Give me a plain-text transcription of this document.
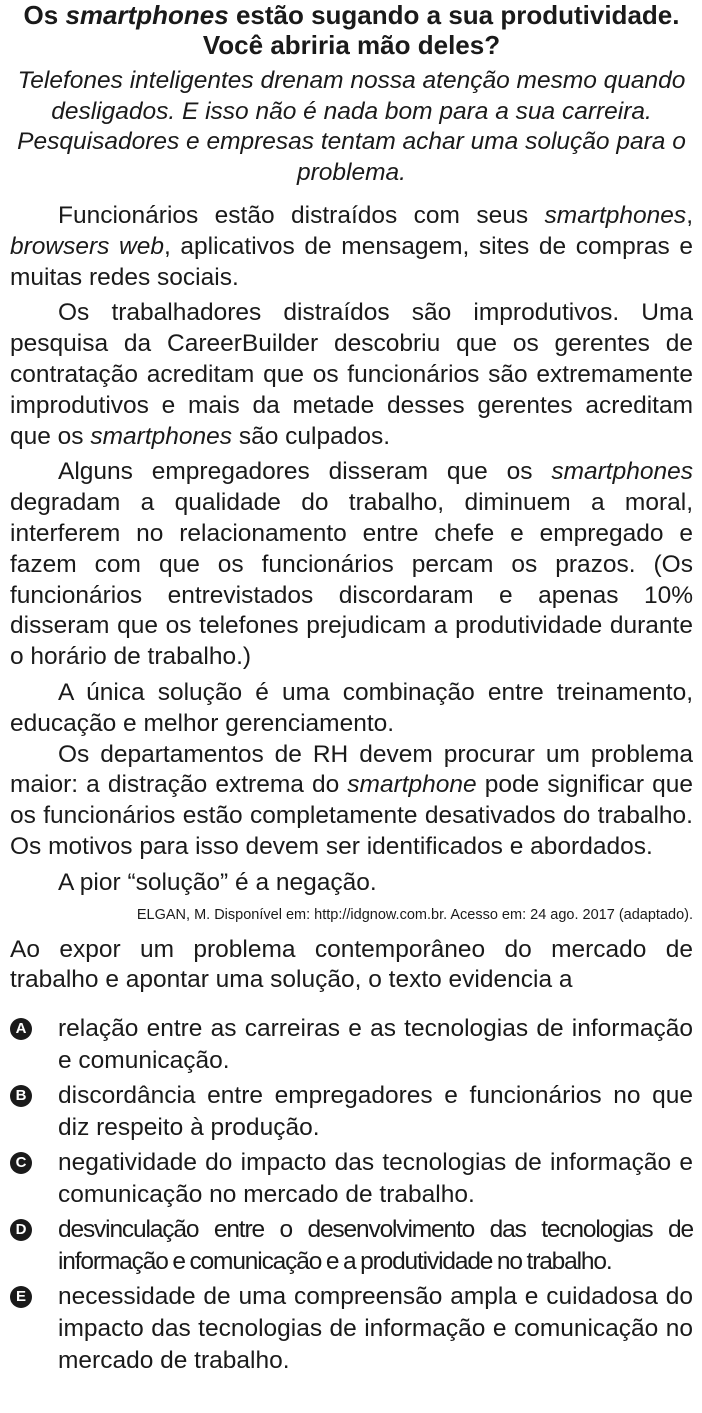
Os smartphones estão sugando a sua produtividade. Você abriria mão deles?

Telefones inteligentes drenam nossa atenção mesmo quando desligados. E isso não é nada bom para a sua carreira. Pesquisadores e empresas tentam achar uma solução para o problema.

Funcionários estão distraídos com seus smartphones, browsers web, aplicativos de mensagem, sites de compras e muitas redes sociais.

Os trabalhadores distraídos são improdutivos. Uma pesquisa da CareerBuilder descobriu que os gerentes de contratação acreditam que os funcionários são extremamente improdutivos e mais da metade desses gerentes acreditam que os smartphones são culpados.

Alguns empregadores disseram que os smartphones degradam a qualidade do trabalho, diminuem a moral, interferem no relacionamento entre chefe e empregado e fazem com que os funcionários percam os prazos. (Os funcionários entrevistados discordaram e apenas 10% disseram que os telefones prejudicam a produtividade durante o horário de trabalho.)

A única solução é uma combinação entre treinamento, educação e melhor gerenciamento.

Os departamentos de RH devem procurar um problema maior: a distração extrema do smartphone pode significar que os funcionários estão completamente desativados do trabalho. Os motivos para isso devem ser identificados e abordados.

A pior “solução” é a negação.

ELGAN, M. Disponível em: http://idgnow.com.br. Acesso em: 24 ago. 2017 (adaptado).

Ao expor um problema contemporâneo do mercado de trabalho e apontar uma solução, o texto evidencia a

A relação entre as carreiras e as tecnologias de informação e comunicação.
B discordância entre empregadores e funcionários no que diz respeito à produção.
C negatividade do impacto das tecnologias de informação e comunicação no mercado de trabalho.
D desvinculação entre o desenvolvimento das tecnologias de informação e comunicação e a produtividade no trabalho.
E necessidade de uma compreensão ampla e cuidadosa do impacto das tecnologias de informação e comunicação no mercado de trabalho.
